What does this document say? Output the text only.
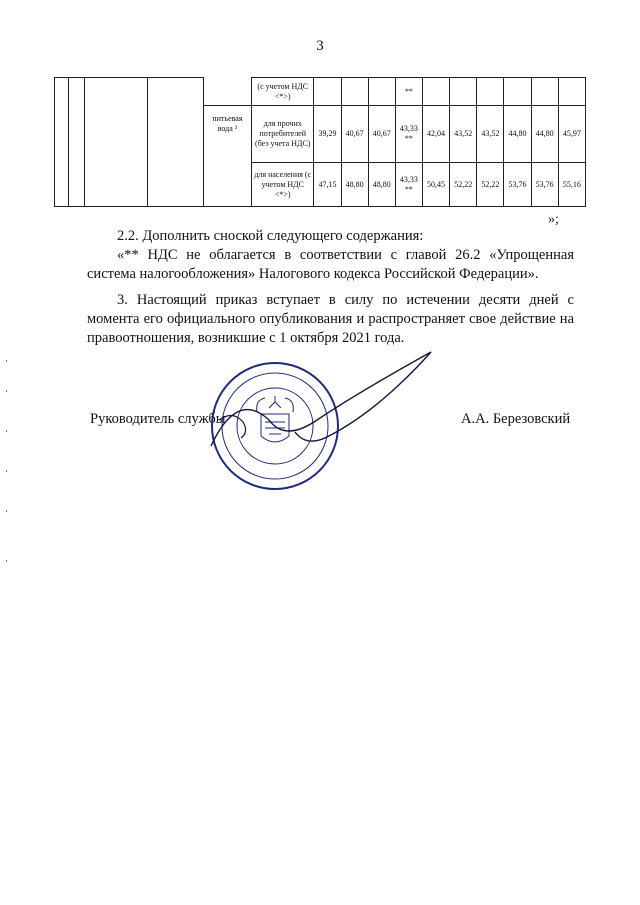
3
					(с учетом НДС <*>)				**						
				питьевая вода ²	для прочих потребителей (без учета НДС)	39,29	40,67	40,67	43,33 **	42,04	43,52	43,52	44,80	44,80	45,97
					для населения (с учетом НДС <*>)	47,15	48,80	48,80	43,33 **	50,45	52,22	52,22	53,76	53,76	55,16
»;
2.2. Дополнить сноской следующего содержания:
«** НДС не облагается в соответствии с главой 26.2 «Упрощенная система налогообложения» Налогового кодекса Российской Федерации».
3. Настоящий приказ вступает в силу по истечении десяти дней с момента его официального опубликования и распространяет свое действие на правоотношения, возникшие с 1 октября 2021 года.
Руководитель службы	А.А. Березовский
